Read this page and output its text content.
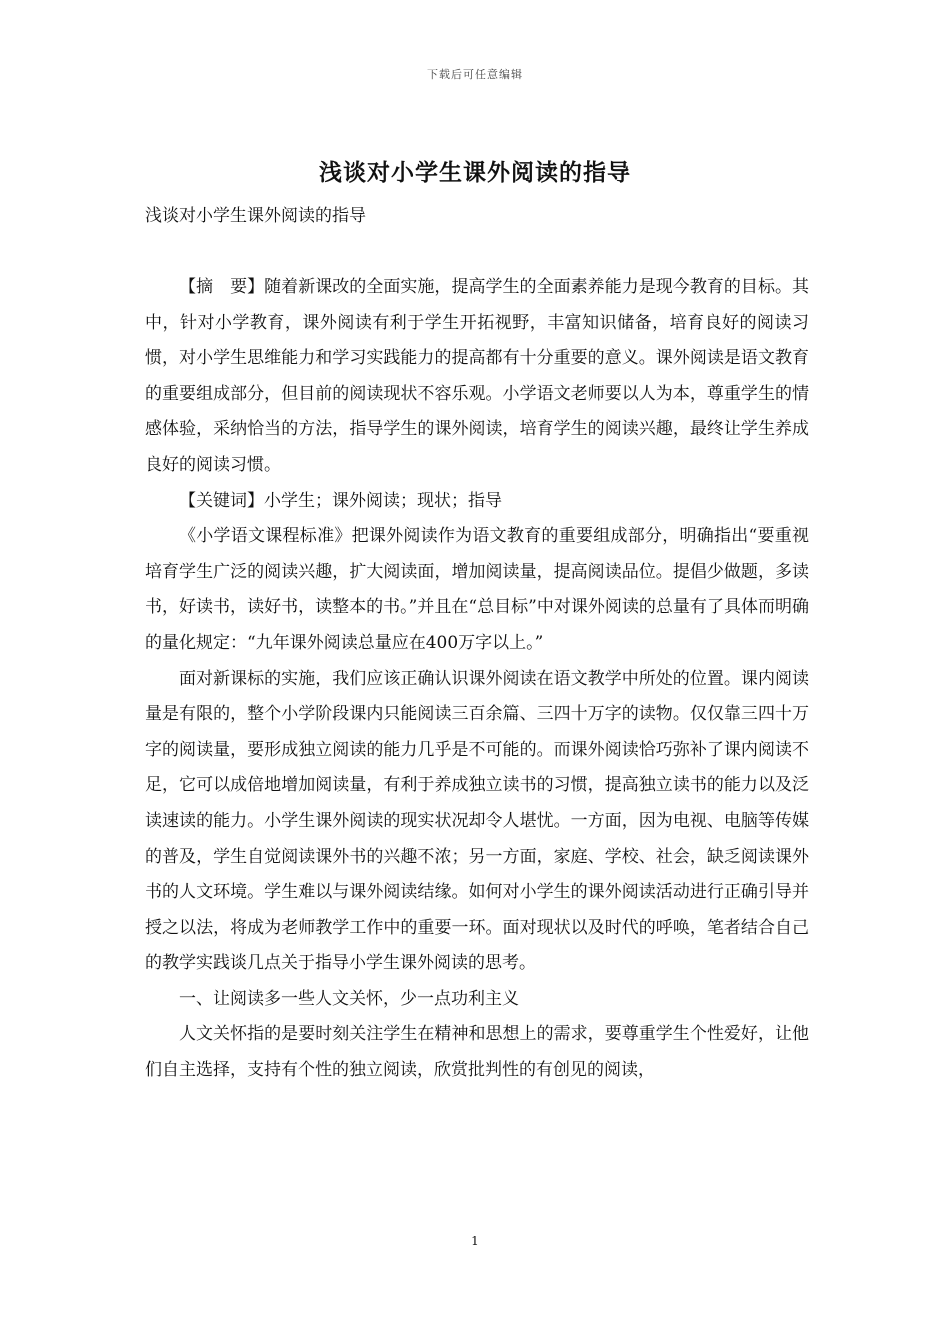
下载后可任意编辑
浅谈对小学生课外阅读的指导

浅谈对小学生课外阅读的指导

【摘　要】随着新课改的全面实施，提高学生的全面素养能力是现今教育的目标。其中，针对小学教育，课外阅读有利于学生开拓视野，丰富知识储备，培育良好的阅读习惯，对小学生思维能力和学习实践能力的提高都有十分重要的意义。课外阅读是语文教育的重要组成部分，但目前的阅读现状不容乐观。小学语文老师要以人为本，尊重学生的情感体验，采纳恰当的方法，指导学生的课外阅读，培育学生的阅读兴趣，最终让学生养成良好的阅读习惯。

【关键词】小学生；课外阅读；现状；指导

《小学语文课程标准》把课外阅读作为语文教育的重要组成部分，明确指出“要重视培育学生广泛的阅读兴趣，扩大阅读面，增加阅读量，提高阅读品位。提倡少做题，多读书，好读书，读好书，读整本的书。”并且在“总目标”中对课外阅读的总量有了具体而明确的量化规定：“九年课外阅读总量应在400万字以上。”

面对新课标的实施，我们应该正确认识课外阅读在语文教学中所处的位置。课内阅读量是有限的，整个小学阶段课内只能阅读三百余篇、三四十万字的读物。仅仅靠三四十万字的阅读量，要形成独立阅读的能力几乎是不可能的。而课外阅读恰巧弥补了课内阅读不足，它可以成倍地增加阅读量，有利于养成独立读书的习惯，提高独立读书的能力以及泛读速读的能力。小学生课外阅读的现实状况却令人堪忧。一方面，因为电视、电脑等传媒的普及，学生自觉阅读课外书的兴趣不浓；另一方面，家庭、学校、社会，缺乏阅读课外书的人文环境。学生难以与课外阅读结缘。如何对小学生的课外阅读活动进行正确引导并授之以法，将成为老师教学工作中的重要一环。面对现状以及时代的呼唤，笔者结合自己的教学实践谈几点关于指导小学生课外阅读的思考。

一、让阅读多一些人文关怀，少一点功利主义

人文关怀指的是要时刻关注学生在精神和思想上的需求，要尊重学生个性爱好，让他们自主选择，支持有个性的独立阅读，欣赏批判性的有创见的阅读，

1
